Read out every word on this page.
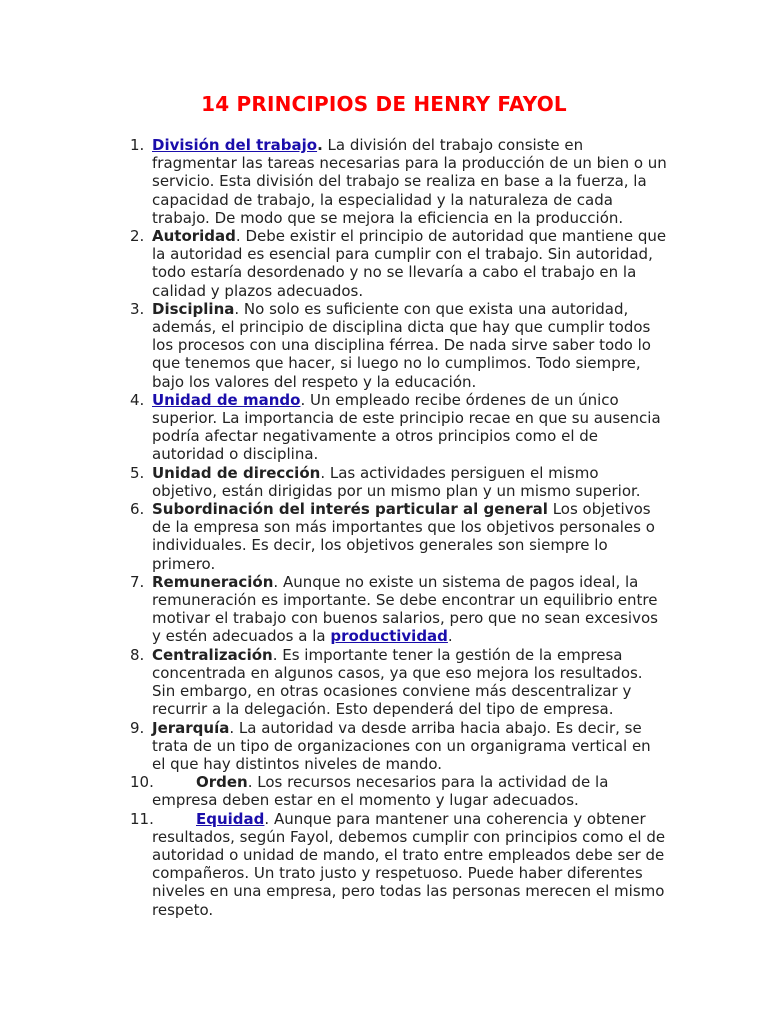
14 PRINCIPIOS DE HENRY FAYOL
1. División del trabajo. La división del trabajo consiste en fragmentar las tareas necesarias para la producción de un bien o un servicio. Esta división del trabajo se realiza en base a la fuerza, la capacidad de trabajo, la especialidad y la naturaleza de cada trabajo. De modo que se mejora la eficiencia en la producción.
2. Autoridad. Debe existir el principio de autoridad que mantiene que la autoridad es esencial para cumplir con el trabajo. Sin autoridad, todo estaría desordenado y no se llevaría a cabo el trabajo en la calidad y plazos adecuados.
3. Disciplina. No solo es suficiente con que exista una autoridad, además, el principio de disciplina dicta que hay que cumplir todos los procesos con una disciplina férrea. De nada sirve saber todo lo que tenemos que hacer, si luego no lo cumplimos. Todo siempre, bajo los valores del respeto y la educación.
4. Unidad de mando. Un empleado recibe órdenes de un único superior. La importancia de este principio recae en que su ausencia podría afectar negativamente a otros principios como el de autoridad o disciplina.
5. Unidad de dirección. Las actividades persiguen el mismo objetivo, están dirigidas por un mismo plan y un mismo superior.
6. Subordinación del interés particular al general Los objetivos de la empresa son más importantes que los objetivos personales o individuales. Es decir, los objetivos generales son siempre lo primero.
7. Remuneración. Aunque no existe un sistema de pagos ideal, la remuneración es importante. Se debe encontrar un equilibrio entre motivar el trabajo con buenos salarios, pero que no sean excesivos y estén adecuados a la productividad.
8. Centralización. Es importante tener la gestión de la empresa concentrada en algunos casos, ya que eso mejora los resultados. Sin embargo, en otras ocasiones conviene más descentralizar y recurrir a la delegación. Esto dependerá del tipo de empresa.
9. Jerarquía. La autoridad va desde arriba hacia abajo. Es decir, se trata de un tipo de organizaciones con un organigrama vertical en el que hay distintos niveles de mando.
10.	Orden. Los recursos necesarios para la actividad de la empresa deben estar en el momento y lugar adecuados.
11.	Equidad. Aunque para mantener una coherencia y obtener resultados, según Fayol, debemos cumplir con principios como el de autoridad o unidad de mando, el trato entre empleados debe ser de compañeros. Un trato justo y respetuoso. Puede haber diferentes niveles en una empresa, pero todas las personas merecen el mismo respeto.
